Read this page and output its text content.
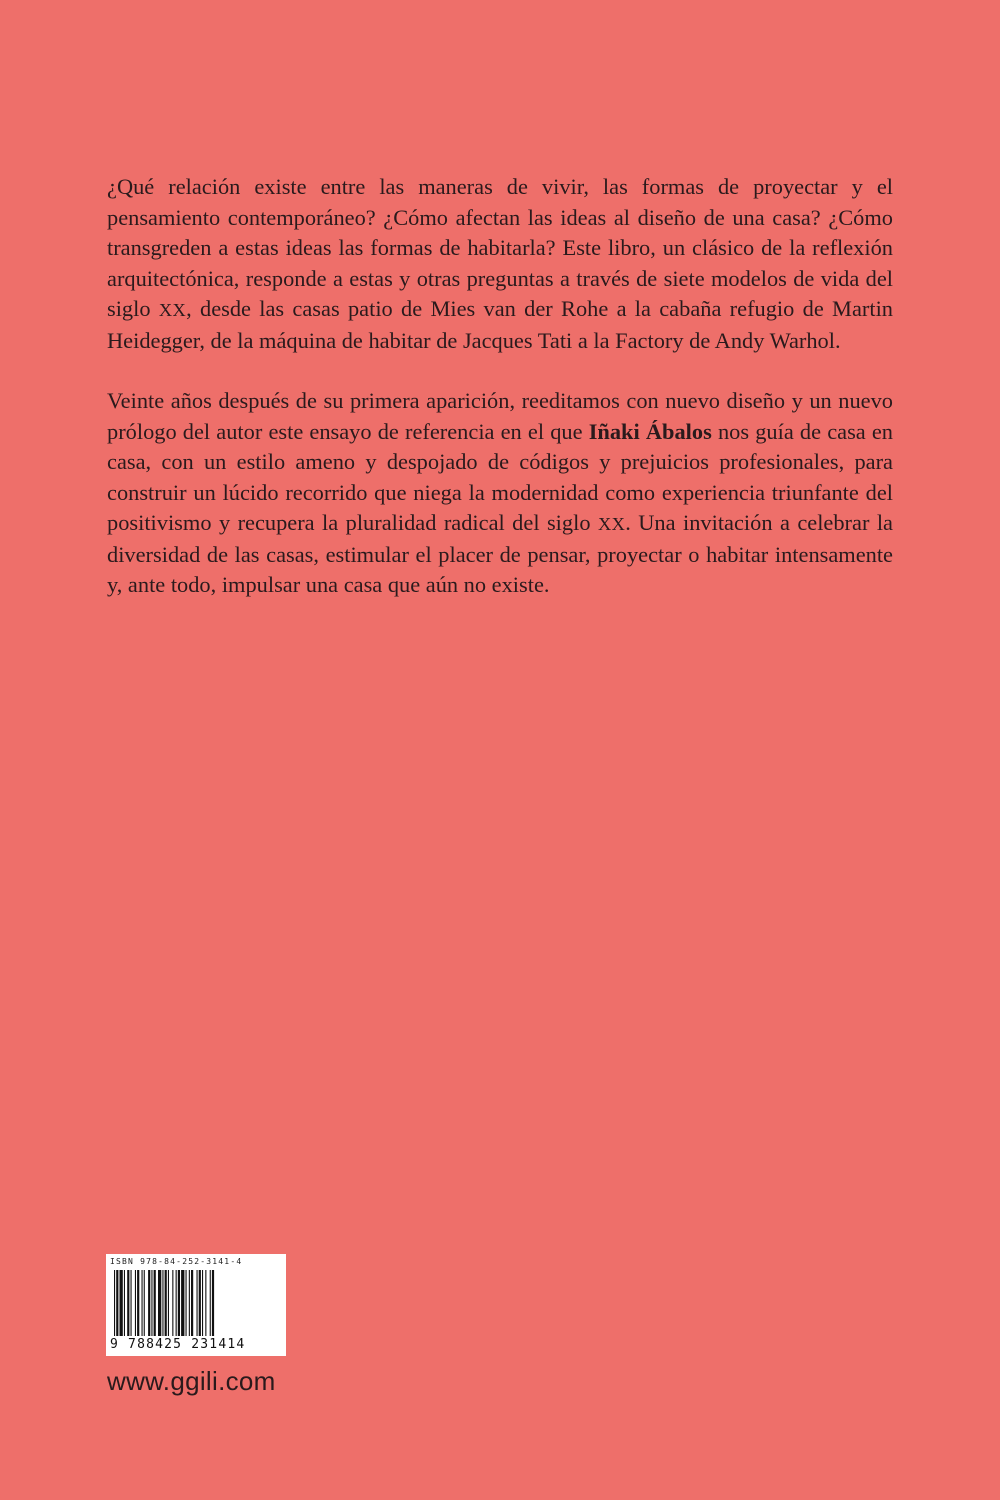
¿Qué relación existe entre las maneras de vivir, las formas de proyectar y el pensamiento contemporáneo? ¿Cómo afectan las ideas al diseño de una casa? ¿Cómo transgreden a estas ideas las formas de habitarla? Este libro, un clásico de la reflexión arquitectónica, responde a estas y otras preguntas a través de siete modelos de vida del siglo XX, desde las casas patio de Mies van der Rohe a la cabaña refugio de Martin Heidegger, de la máquina de habitar de Jacques Tati a la Factory de Andy Warhol.

Veinte años después de su primera aparición, reeditamos con nuevo diseño y un nuevo prólogo del autor este ensayo de referencia en el que Iñaki Ábalos nos guía de casa en casa, con un estilo ameno y despojado de códigos y prejuicios profesionales, para construir un lúcido recorrido que niega la modernidad como experiencia triunfante del positivismo y recupera la pluralidad radical del siglo XX. Una invitación a celebrar la diversidad de las casas, estimular el placer de pensar, proyectar o habitar intensamente y, ante todo, impulsar una casa que aún no existe.

ISBN 978-84-252-3141-4
9 788425 231414
www.ggili.com
